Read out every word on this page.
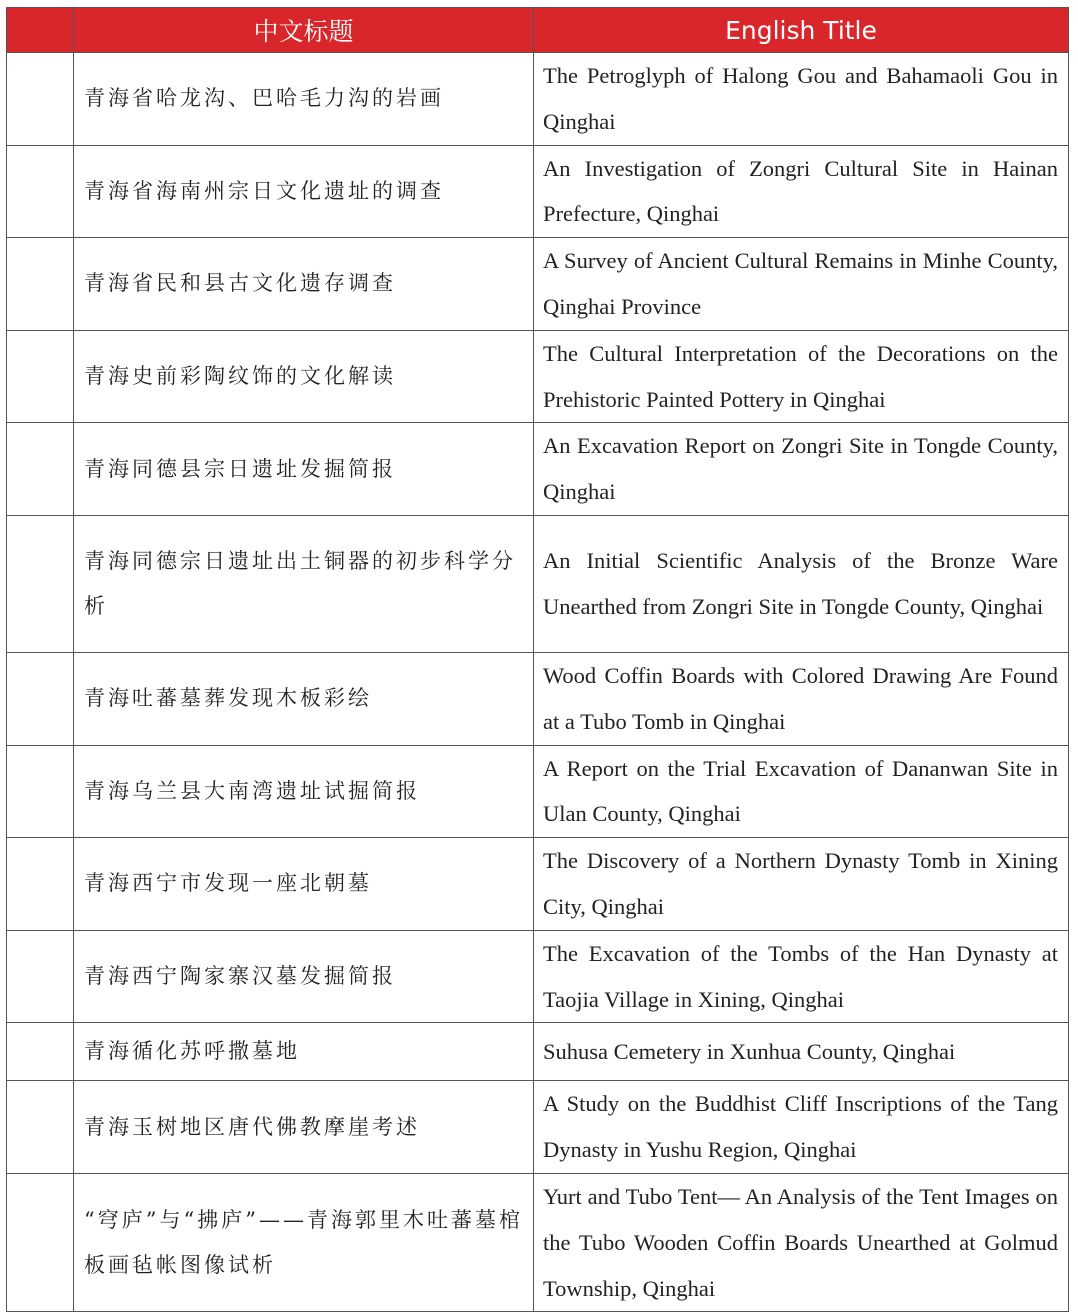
	中文标题	English Title
	青海省哈龙沟、巴哈毛力沟的岩画	The Petroglyph of Halong Gou and Bahamaoli Gou in Qinghai
	青海省海南州宗日文化遗址的调查	An Investigation of Zongri Cultural Site in Hainan Prefecture, Qinghai
	青海省民和县古文化遗存调查	A Survey of Ancient Cultural Remains in Minhe County, Qinghai Province
	青海史前彩陶纹饰的文化解读	The Cultural Interpretation of the Decorations on the Prehistoric Painted Pottery in Qinghai
	青海同德县宗日遗址发掘简报	An Excavation Report on Zongri Site in Tongde County, Qinghai
	青海同德宗日遗址出土铜器的初步科学分析	An Initial Scientific Analysis of the Bronze Ware Unearthed from Zongri Site in Tongde County, Qinghai
	青海吐蕃墓葬发现木板彩绘	Wood Coffin Boards with Colored Drawing Are Found at a Tubo Tomb in Qinghai
	青海乌兰县大南湾遗址试掘简报	A Report on the Trial Excavation of Dananwan Site in Ulan County, Qinghai
	青海西宁市发现一座北朝墓	The Discovery of a Northern Dynasty Tomb in Xining City, Qinghai
	青海西宁陶家寨汉墓发掘简报	The Excavation of the Tombs of the Han Dynasty at Taojia Village in Xining, Qinghai
	青海循化苏呼撒墓地	Suhusa Cemetery in Xunhua County, Qinghai
	青海玉树地区唐代佛教摩崖考述	A Study on the Buddhist Cliff Inscriptions of the Tang Dynasty in Yushu Region, Qinghai
	“穹庐”与“拂庐”——青海郭里木吐蕃墓棺板画毡帐图像试析	Yurt and Tubo Tent— An Analysis of the Tent Images on the Tubo Wooden Coffin Boards Unearthed at Golmud Township, Qinghai
